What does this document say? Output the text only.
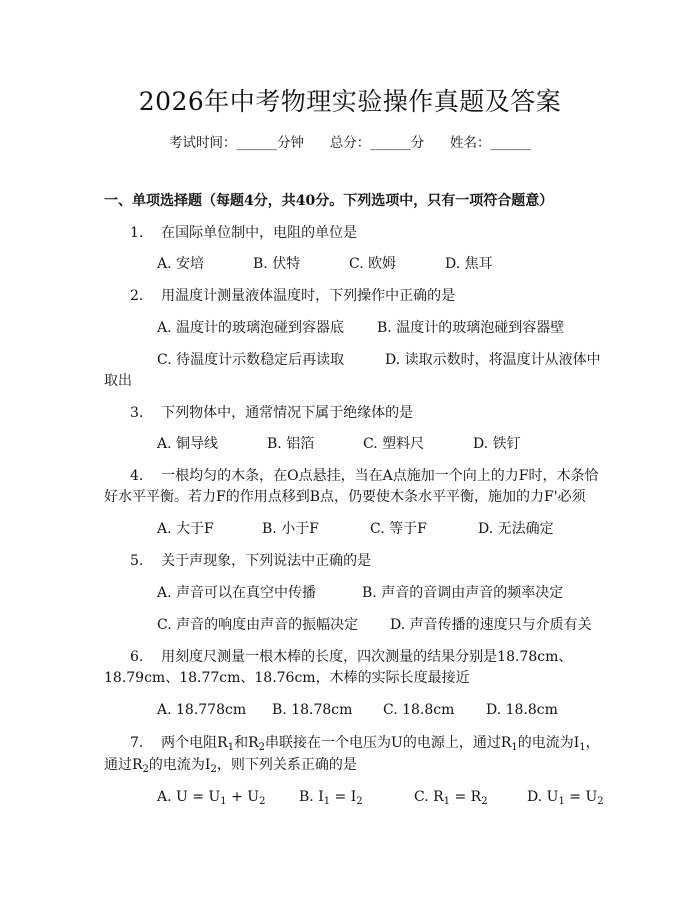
2026年中考物理实验操作真题及答案
考试时间：______分钟 总分：______分 姓名：______
一、单项选择题（每题4分，共40分。下列选项中，只有一项符合题意）
1. 在国际单位制中，电阻的单位是
A. 安培	B. 伏特	C. 欧姆	D. 焦耳
2. 用温度计测量液体温度时，下列操作中正确的是
A. 温度计的玻璃泡碰到容器底 B. 温度计的玻璃泡碰到容器壁
C. 待温度计示数稳定后再读取	D. 读取示数时，将温度计从液体中
取出
3. 下列物体中，通常情况下属于绝缘体的是
A. 铜导线	B. 铝箔	C. 塑料尺	D. 铁钉
4. 一根均匀的木条，在O点悬挂，当在A点施加一个向上的力F时，木条恰
好水平平衡。若力F的作用点移到B点，仍要使木条水平平衡，施加的力F'必须
A. 大于F	B. 小于F	C. 等于F	D. 无法确定
5. 关于声现象，下列说法中正确的是
A. 声音可以在真空中传播	B. 声音的音调由声音的频率决定
C. 声音的响度由声音的振幅决定 D. 声音传播的速度只与介质有关
6. 用刻度尺测量一根木棒的长度，四次测量的结果分别是18.78cm、
18.79cm、18.77cm、18.76cm，木棒的实际长度最接近
A. 18.778cm B. 18.78cm C. 18.8cm D. 18.8cm
7. 两个电阻$R_1$和$R_2$串联接在一个电压为U的电源上，通过$R_1$的电流为$I_1$，
通过$R_2$的电流为$I_2$，则下列关系正确的是
A. $U = U_1 + U_2$ B. $I_1 = I_2$	C. $R_1 = R_2$	D. $U_1 = U_2$
